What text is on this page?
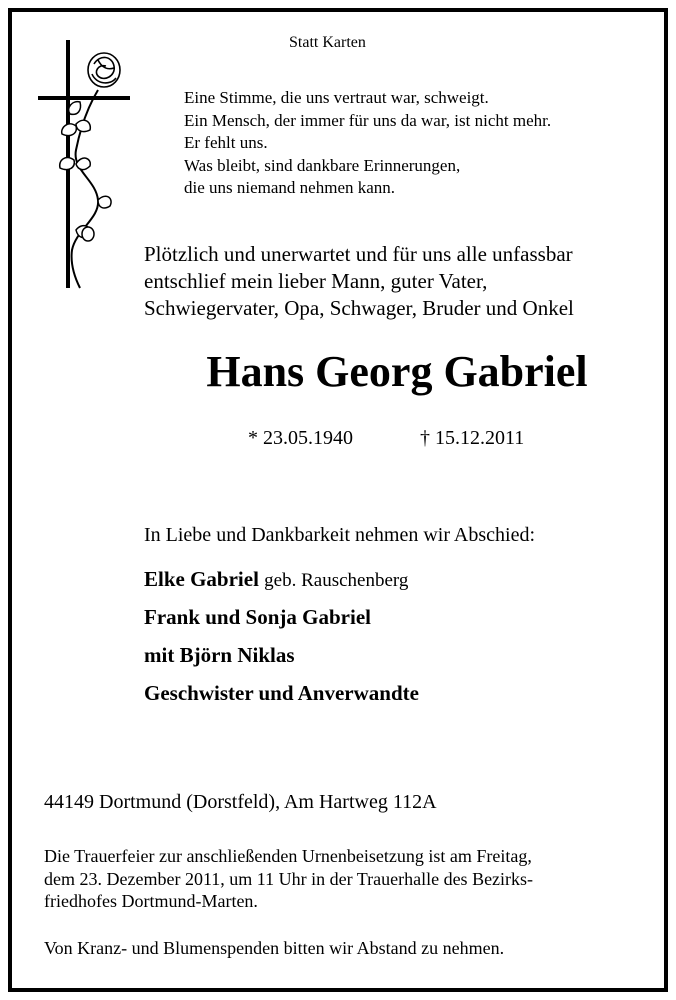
Statt Karten
Eine Stimme, die uns vertraut war, schweigt.
Ein Mensch, der immer für uns da war, ist nicht mehr.
Er fehlt uns.
Was bleibt, sind dankbare Erinnerungen,
die uns niemand nehmen kann.
Plötzlich und unerwartet und für uns alle unfassbar
entschlief mein lieber Mann, guter Vater,
Schwiegervater, Opa, Schwager, Bruder und Onkel
Hans Georg Gabriel
* 23.05.1940	† 15.12.2011
In Liebe und Dankbarkeit nehmen wir Abschied:
Elke Gabriel geb. Rauschenberg
Frank und Sonja Gabriel
mit Björn Niklas
Geschwister und Anverwandte
44149 Dortmund (Dorstfeld), Am Hartweg 112A
Die Trauerfeier zur anschließenden Urnenbeisetzung ist am Freitag,
dem 23. Dezember 2011, um 11 Uhr in der Trauerhalle des Bezirks-
friedhofes Dortmund-Marten.
Von Kranz- und Blumenspenden bitten wir Abstand zu nehmen.
